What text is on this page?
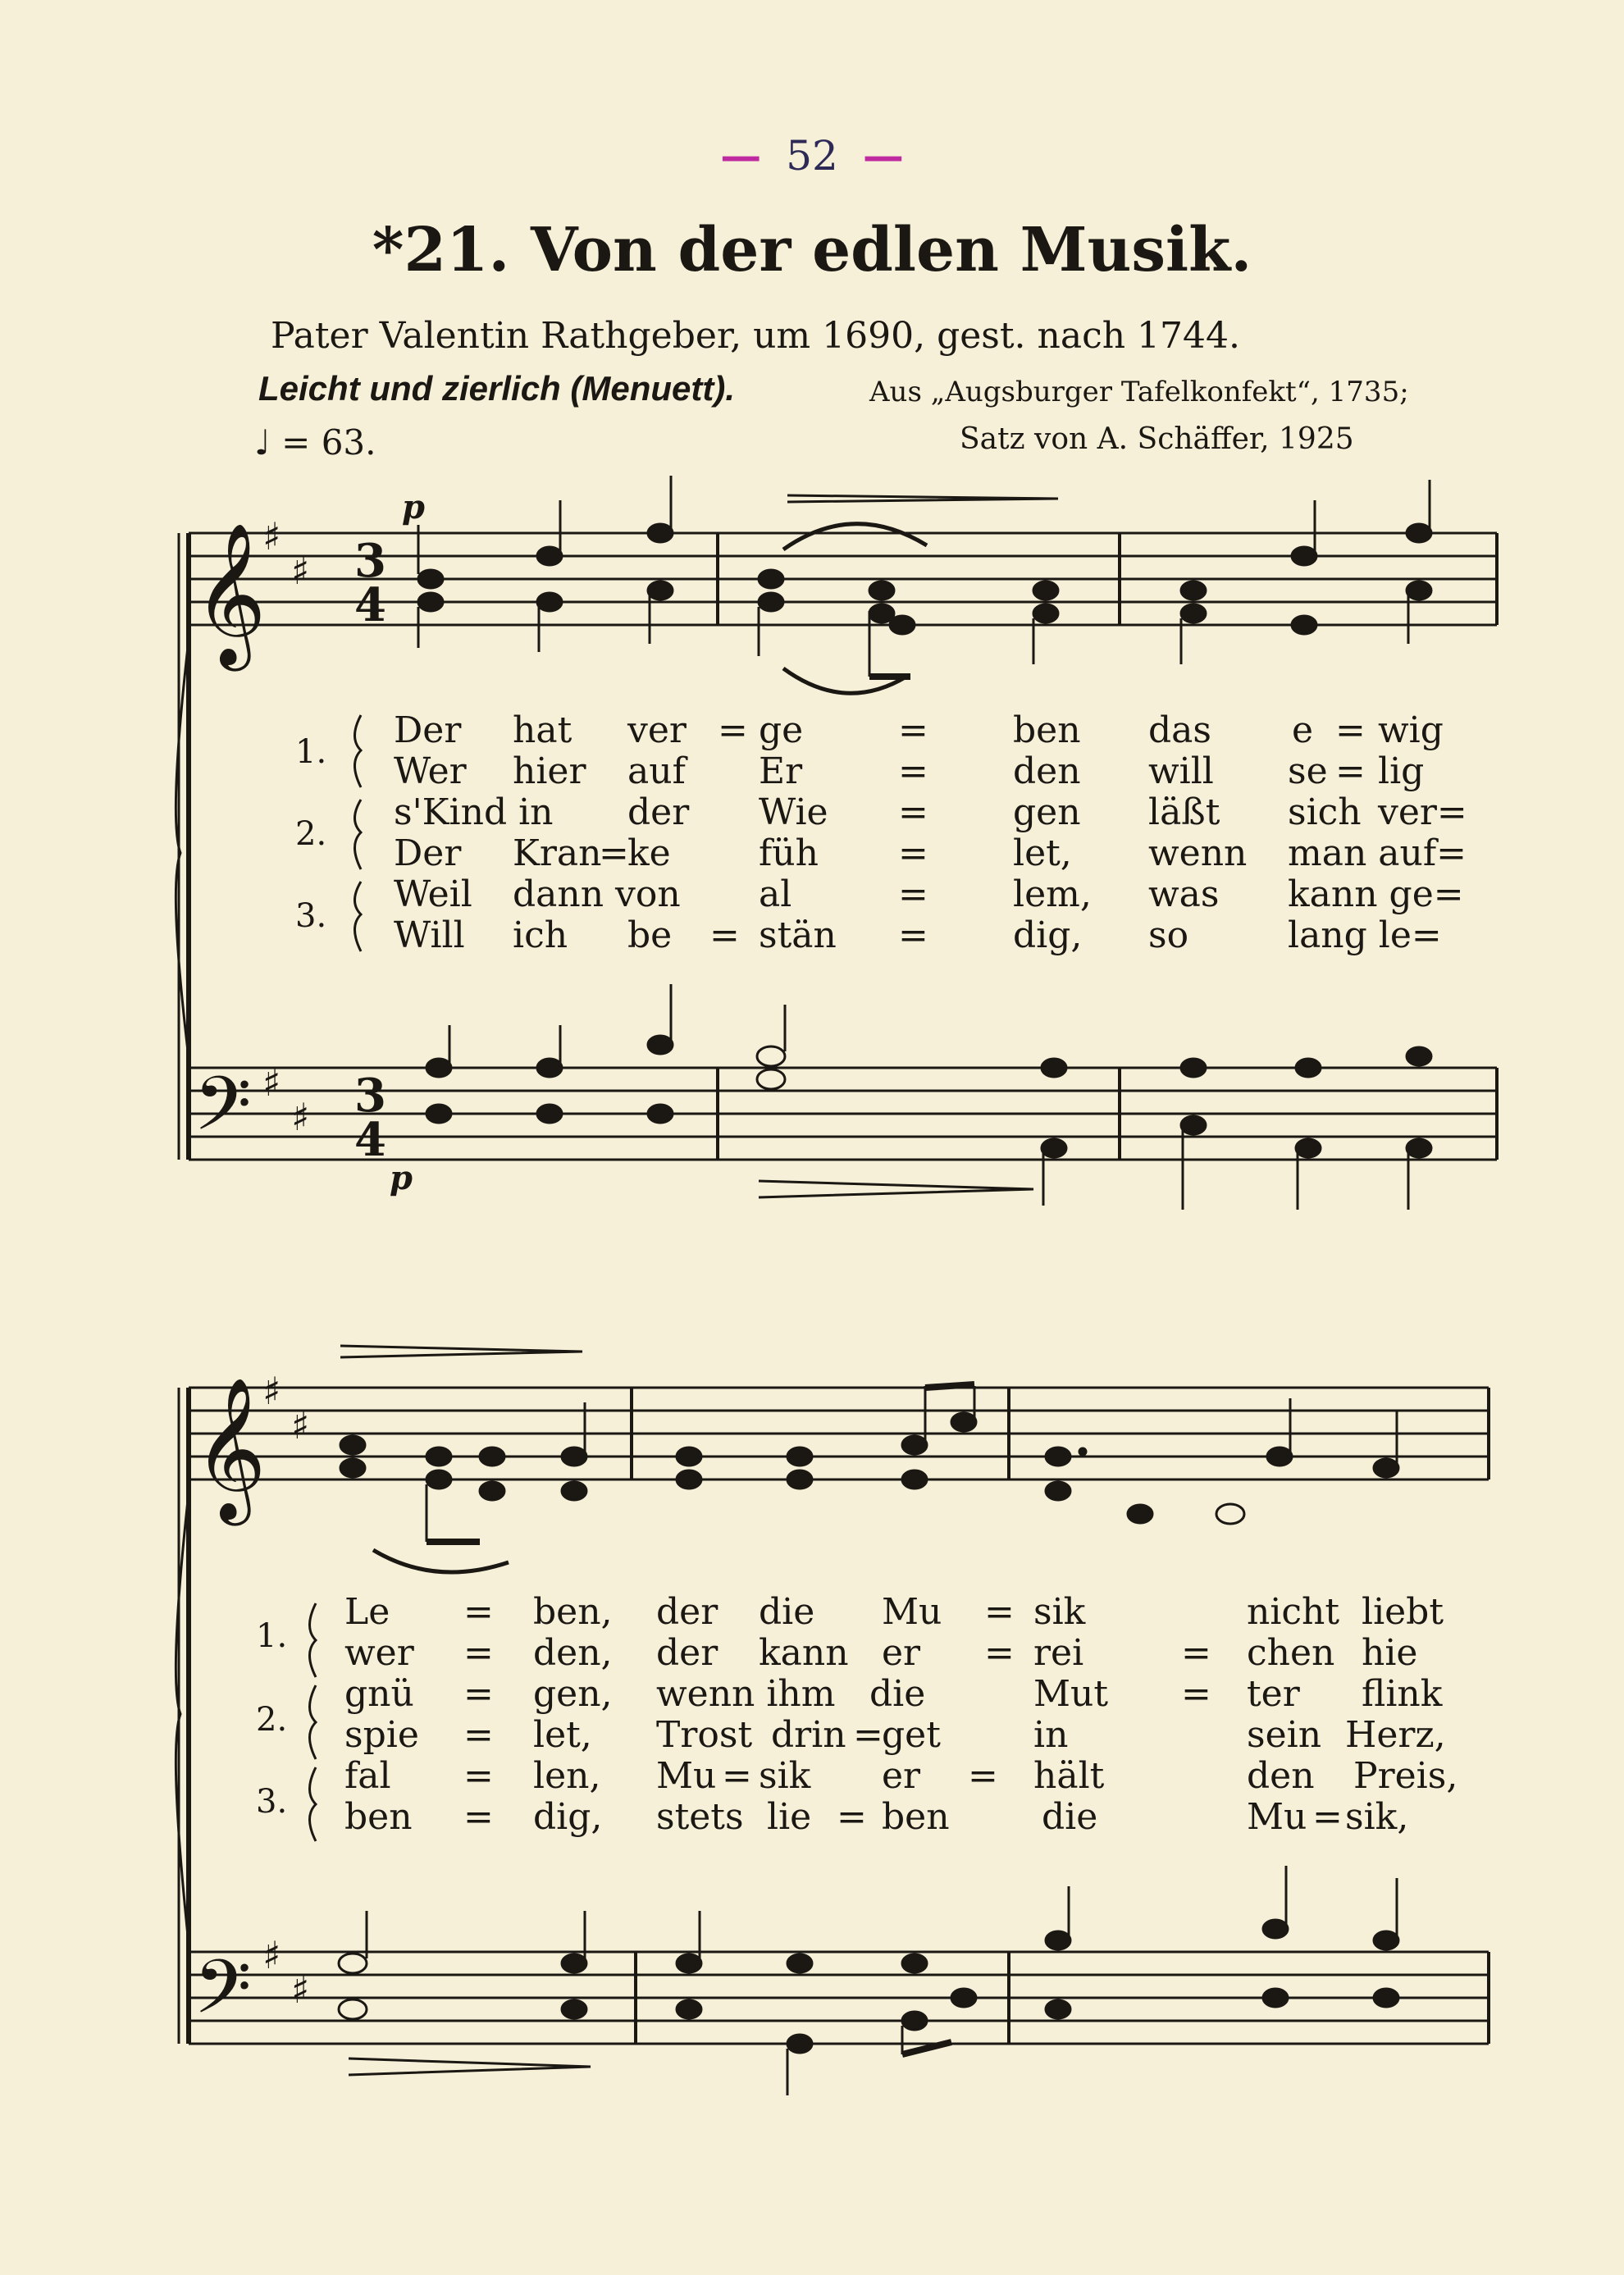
— 52 —
*21. Von der edlen Musik.
Pater Valentin Rathgeber, um 1690, gest. nach 1744.
Leicht und zierlich (Menuett).	Aus „Augsburger Tafelkonfekt“, 1735;
♩ = 63.	Satz von A. Schäffer, 1925
𝄞
𝄢
𝄞
𝄢
♯
♯
♯
♯
♯
♯
♯
♯
3
4
3
4
p
p
1.
2.
3.
1.
2.
3.
Der hat ver = ge	= ben das e = wig
Wer hier auf Er	= den will se = lig
s'Kind in der Wie = gen läßt sich ver=
Der Kran
=
ke füh = let, wenn man auf=
Weil dann von al	= lem, was kann ge=
Will ich be = stän = dig, so	lang le=
Le = ben, der die Mu = sik	nicht liebt
wer = den, der kann er = rei	= chen hie
gnü = gen, wenn ihm die	Mut = ter flink
spie = let, Trost drin =
get	in	sein Herz,
fal = len, Mu = sik er = hält	den Preis,
ben = dig, stets lie = ben	die	Mu = sik,
